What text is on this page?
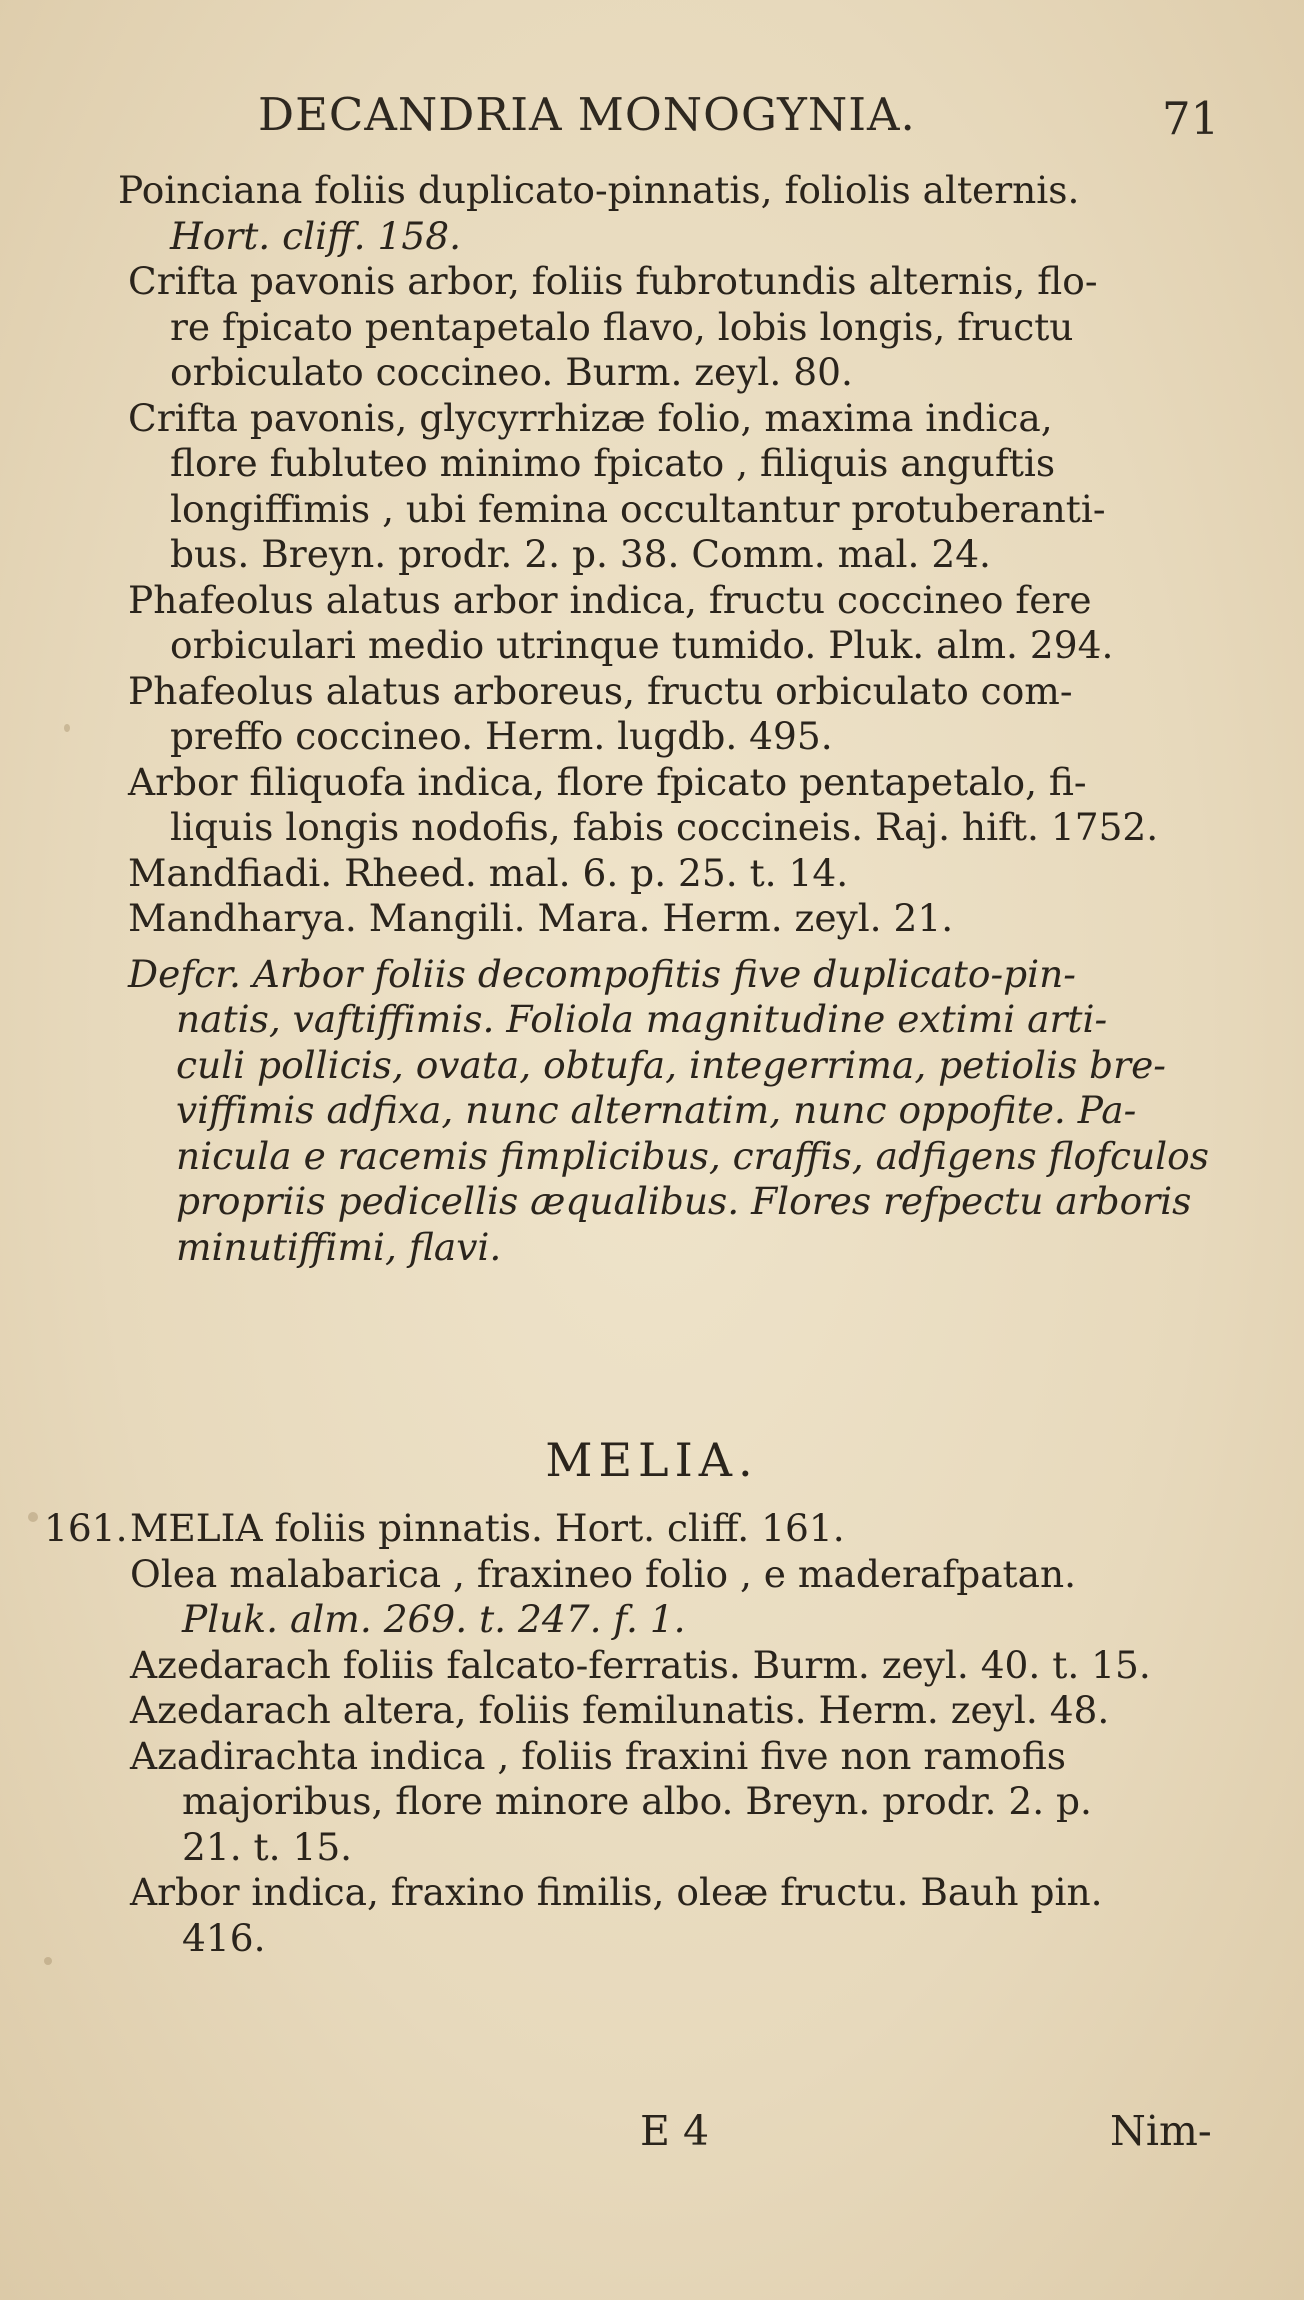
DECANDRIA MONOGYNIA.	71
Poinciana foliis duplicato-pinnatis, foliolis alternis.
Hort. cliff. 158.
Crifta pavonis arbor, foliis fubrotundis alternis, flo-
re fpicato pentapetalo flavo, lobis longis, fructu
orbiculato coccineo. Burm. zeyl. 80.
Crifta pavonis, glycyrrhizæ folio, maxima indica,
flore fubluteo minimo fpicato , filiquis anguftis
longiffimis , ubi femina occultantur protuberanti-
bus. Breyn. prodr. 2. p. 38. Comm. mal. 24.
Phafeolus alatus arbor indica, fructu coccineo fere
orbiculari medio utrinque tumido. Pluk. alm. 294.
Phafeolus alatus arboreus, fructu orbiculato com-
preffo coccineo. Herm. lugdb. 495.
Arbor filiquofa indica, flore fpicato pentapetalo, fi-
liquis longis nodofis, fabis coccineis. Raj. hift. 1752.
Mandfiadi. Rheed. mal. 6. p. 25. t. 14.
Mandharya. Mangili. Mara. Herm. zeyl. 21.
Defcr. Arbor foliis decompofitis five duplicato-pin-
natis, vaftiffimis. Foliola magnitudine extimi arti-
culi pollicis, ovata, obtufa, integerrima, petiolis bre-
viffimis adfixa, nunc alternatim, nunc oppofite. Pa-
nicula e racemis fimplicibus, craffis, adfigens flofculos
propriis pedicellis æqualibus. Flores refpectu arboris
minutiffimi, flavi.
MELIA.
161. MELIA foliis pinnatis. Hort. cliff. 161.
Olea malabarica , fraxineo folio , e maderafpatan.
Pluk. alm. 269. t. 247. f. 1.
Azedarach foliis falcato-ferratis. Burm. zeyl. 40. t. 15.
Azedarach altera, foliis femilunatis. Herm. zeyl. 48.
Azadirachta indica , foliis fraxini five non ramofis
majoribus, flore minore albo. Breyn. prodr. 2. p.
21. t. 15.
Arbor indica, fraxino fimilis, oleæ fructu. Bauh pin.
416.
E 4	Nim-
